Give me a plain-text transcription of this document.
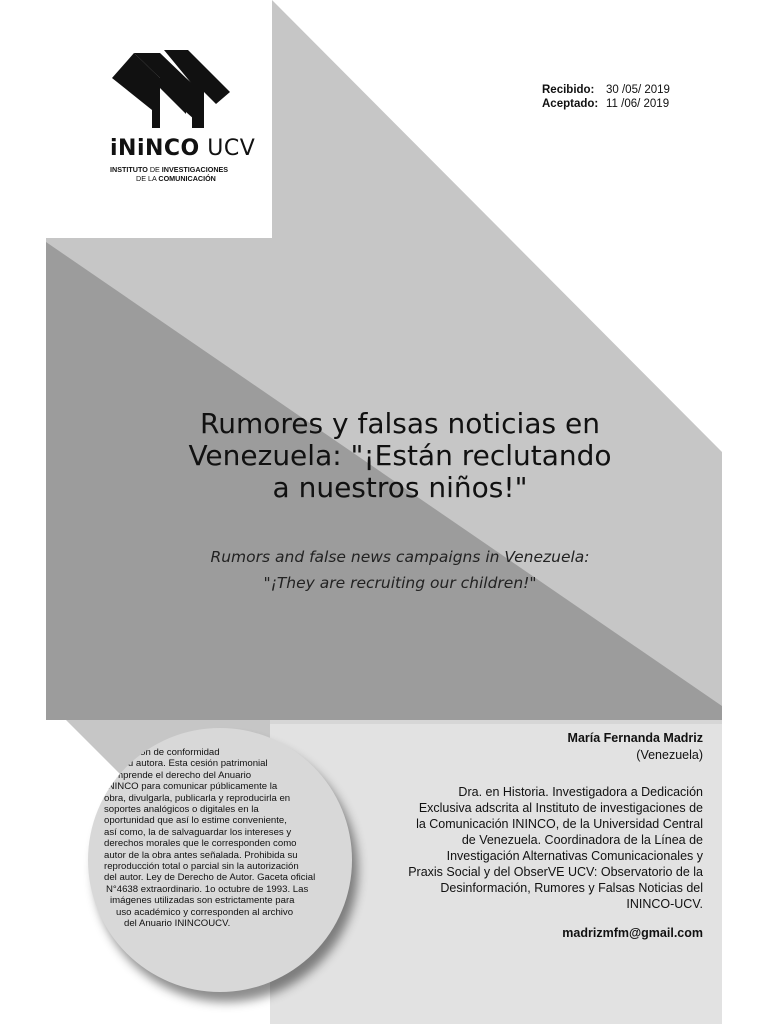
iNiNCO UCV
INSTITUTO DE INVESTIGACIONES
DE LA COMUNICACIÓN
Recibido: 30 /05/ 2019
Aceptado: 11 /06/ 2019
Rumores y falsas noticias en
Venezuela: "¡Están reclutando
a nuestros niños!"
Rumors and false news campaigns in Venezuela:
"¡They are recruiting our children!"
María Fernanda Madriz
(Venezuela)
Dra. en Historia. Investigadora a Dedicación
Exclusiva adscrita al Instituto de investigaciones de
la Comunicación ININCO, de la Universidad Central
de Venezuela. Coordinadora de la Línea de
Investigación Alternativas Comunicacionales y
Praxis Social y del ObserVE UCV: Observatorio de la
Desinformación, Rumores y Falsas Noticias del
ININCO-UCV.
madrizmfm@gmail.com
© Publicación de conformidad
con su autora. Esta cesión patrimonial
comprende el derecho del Anuario
ININCO para comunicar públicamente la
obra, divulgarla, publicarla y reproducirla en
soportes analógicos o digitales en la
oportunidad que así lo estime conveniente,
así como, la de salvaguardar los intereses y
derechos morales que le corresponden como
autor de la obra antes señalada. Prohibida su
reproducción total o parcial sin la autorización
del autor. Ley de Derecho de Autor. Gaceta oficial
N°4638 extraordinario. 1o octubre de 1993. Las
imágenes utilizadas son estrictamente para
uso académico y corresponden al archivo
del Anuario ININCOUCV.
